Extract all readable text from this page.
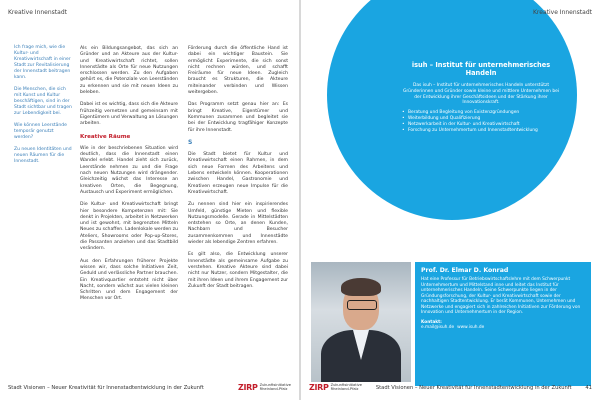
Kreative Innenstadt

Ich frage mich, wie die Kultur- und Kreativwirtschaft in einer Stadt zur Revitalisierung der Innenstadt beitragen kann.

Die Menschen, die sich mit Kunst und Kultur beschäftigen, sind in der Stadt sichtbar und tragen zur Lebendigkeit bei.

Wie können Leerstände temporär genutzt werden?

Zu neuen Identitäten und neuen Räumen für die Innenstadt.

Als ein Bildungsangebot, das sich an Gründer und an Akteure aus der Kultur- und Kreativwirtschaft richtet, sollen Innenstädte als Orte für neue Nutzungen erschlossen werden. Zu den Aufgaben gehört es, die Potenziale von Leerständen zu erkennen und sie mit neuen Ideen zu beleben.

Dabei ist es wichtig, dass sich die Akteure frühzeitig vernetzen und gemeinsam mit Eigentümern und Verwaltung an Lösungen arbeiten.

Kreative Räume

Wie in der beschriebenen Situation wird deutlich, dass die Innenstadt einen Wandel erlebt. Handel zieht sich zurück, Leerstände nehmen zu und die Frage nach neuen Nutzungen wird drängender. Gleichzeitig wächst das Interesse an kreativen Orten, die Begegnung, Austausch und Experiment ermöglichen.

Die Kultur- und Kreativwirtschaft bringt hier besondere Kompetenzen mit: Sie denkt in Projekten, arbeitet in Netzwerken und ist gewohnt, mit begrenzten Mitteln Neues zu schaffen. Ladenlokale werden zu Ateliers, Showrooms oder Pop-up-Stores, die Passanten anziehen und das Stadtbild verändern.

Aus den Erfahrungen früherer Projekte wissen wir, dass solche Initiativen Zeit, Geduld und verlässliche Partner brauchen. Ein Kreativquartier entsteht nicht über Nacht, sondern wächst aus vielen kleinen Schritten und dem Engagement der Menschen vor Ort.

Förderung durch die öffentliche Hand ist dabei ein wichtiger Baustein. Sie ermöglicht Experimente, die sich sonst nicht rechnen würden, und schafft Freiräume für neue Ideen. Zugleich braucht es Strukturen, die Akteure miteinander verbinden und Wissen weitergeben.

Das Programm setzt genau hier an: Es bringt Kreative, Eigentümer und Kommunen zusammen und begleitet sie bei der Entwicklung tragfähiger Konzepte für ihre Innenstadt.

S

Die Stadt bietet für Kultur und Kreativwirtschaft einen Rahmen, in dem sich neue Formen des Arbeitens und Lebens entwickeln können. Kooperationen zwischen Handel, Gastronomie und Kreativen erzeugen neue Impulse für die Kreativwirtschaft.

Zu nennen sind hier ein inspirierendes Umfeld, günstige Mieten und flexible Nutzungsmodelle. Gerade in Mittelstädten entstehen so Orte, an denen Kunden, Nachbarn und Besucher zusammenkommen und Innenstädte wieder als lebendige Zentren erfahren.

Es gilt also, die Entwicklung unserer Innenstädte als gemeinsame Aufgabe zu verstehen. Kreative Akteure sind dabei nicht nur Nutzer, sondern Mitgestalter, die mit ihren Ideen und ihrem Engagement zur Zukunft der Stadt beitragen.

Stadt Visionen – Neuer Kreativität für Innenstadtentwicklung in der Zukunft	ZIRP Zukunftsinitiative
Rheinland-Pfalz
Kreative Innenstadt
isuh – Institut für unternehmerisches Handeln
Das isuh – Institut für unternehmerisches Handeln unterstützt Gründerinnen und Gründer sowie kleine und mittlere Unternehmen bei der Entwicklung ihrer Geschäftsideen und der Stärkung ihrer Innovationskraft.
• Beratung und Begleitung von Existenzgründungen
• Weiterbildung und Qualifizierung
• Netzwerkarbeit in der Kultur- und Kreativwirtschaft
• Forschung zu Unternehmertum und Innenstadtentwicklung
Prof. Dr. Elmar D. Konrad
Hat eine Professur für Betriebswirtschaftslehre mit dem Schwerpunkt Unternehmertum und Mittelstand inne und leitet das Institut für unternehmerisches Handeln. Seine Schwerpunkte liegen in der Gründungsforschung, der Kultur- und Kreativwirtschaft sowie der nachhaltigen Stadtentwicklung. Er berät Kommunen, Unternehmen und Netzwerke und engagiert sich in zahlreichen Initiativen zur Förderung von Innovation und Unternehmertum in der Region.
Kontakt:
e.mail@isuh.de www.isuh.de
ZIRP Zukunftsinitiative
Rheinland-Pfalz	Stadt Visionen – Neuer Kreativität für Innenstadtentwicklung in der Zukunft	41
